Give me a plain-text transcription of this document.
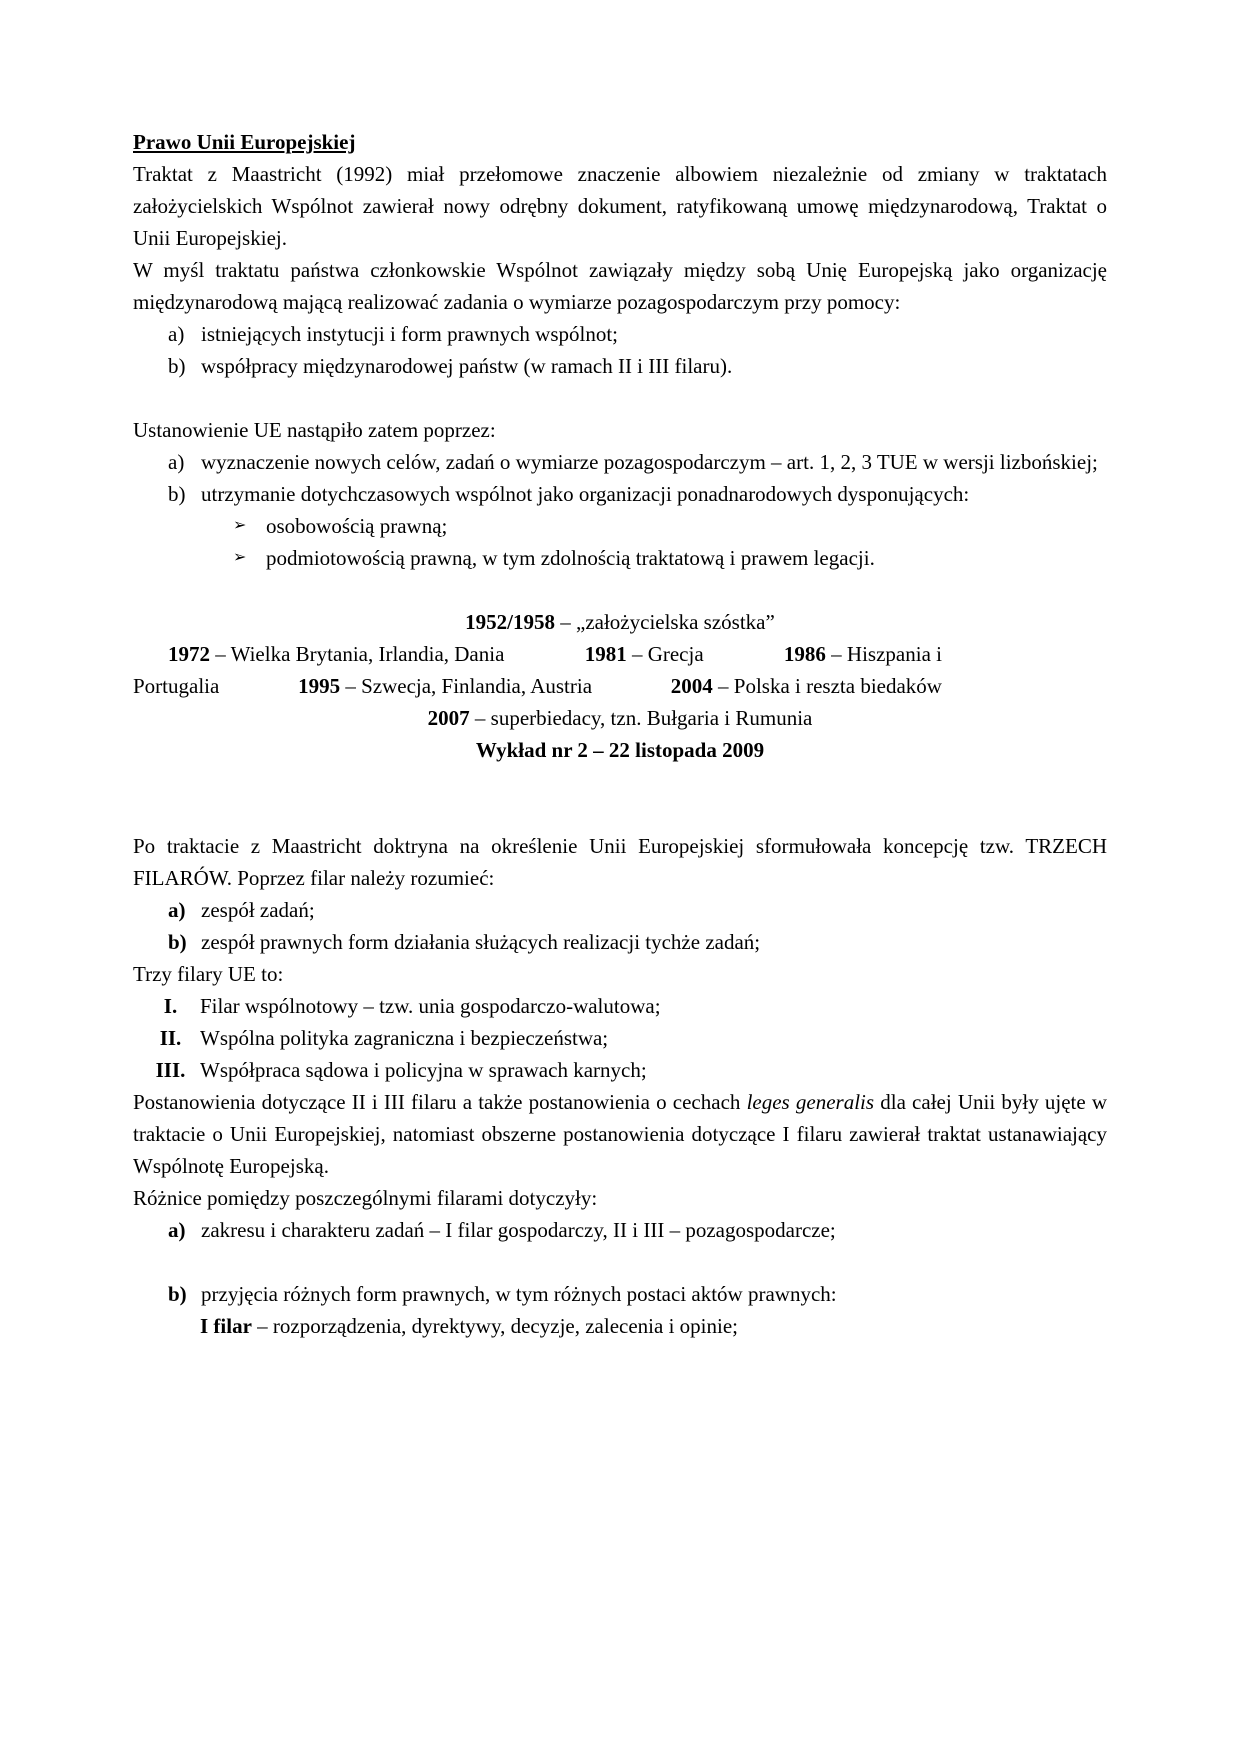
Prawo Unii Europejskiej

Traktat z Maastricht (1992) miał przełomowe znaczenie albowiem niezależnie od zmiany w traktatach założycielskich Wspólnot zawierał nowy odrębny dokument, ratyfikowaną umowę międzynarodową, Traktat o Unii Europejskiej.

W myśl traktatu państwa członkowskie Wspólnot zawiązały między sobą Unię Europejską jako organizację międzynarodową mającą realizować zadania o wymiarze pozagospodarczym przy pomocy:

a) istniejących instytucji i form prawnych wspólnot;
b) współpracy międzynarodowej państw (w ramach II i III filaru).

Ustanowienie UE nastąpiło zatem poprzez:

a) wyznaczenie nowych celów, zadań o wymiarze pozagospodarczym – art. 1, 2, 3 TUE w wersji lizbońskiej;
b) utrzymanie dotychczasowych wspólnot jako organizacji ponadnarodowych dysponujących:
➢ osobowością prawną;
➢ podmiotowością prawną, w tym zdolnością traktatową i prawem legacji.

1952/1958 – „założycielska szóstka”

1972 – Wielka Brytania, Irlandia, Dania	1981 – Grecja	1986 – Hiszpania i
Portugalia	1995 – Szwecja, Finlandia, Austria	2004 – Polska i reszta biedaków

2007 – superbiedacy, tzn. Bułgaria i Rumunia

Wykład nr 2 – 22 listopada 2009

Po traktacie z Maastricht doktryna na określenie Unii Europejskiej sformułowała koncepcję tzw. TRZECH FILARÓW. Poprzez filar należy rozumieć:

a) zespół zadań;
b) zespół prawnych form działania służących realizacji tychże zadań;

Trzy filary UE to:

I.	Filar wspólnotowy – tzw. unia gospodarczo-walutowa;
II. Wspólna polityka zagraniczna i bezpieczeństwa;
III. Współpraca sądowa i policyjna w sprawach karnych;

Postanowienia dotyczące II i III filaru a także postanowienia o cechach leges generalis dla całej Unii były ujęte w traktacie o Unii Europejskiej, natomiast obszerne postanowienia dotyczące I filaru zawierał traktat ustanawiający Wspólnotę Europejską.

Różnice pomiędzy poszczególnymi filarami dotyczyły:

a) zakresu i charakteru zadań – I filar gospodarczy, II i III – pozagospodarcze;
b) przyjęcia różnych form prawnych, w tym różnych postaci aktów prawnych:

I filar – rozporządzenia, dyrektywy, decyzje, zalecenia i opinie;
